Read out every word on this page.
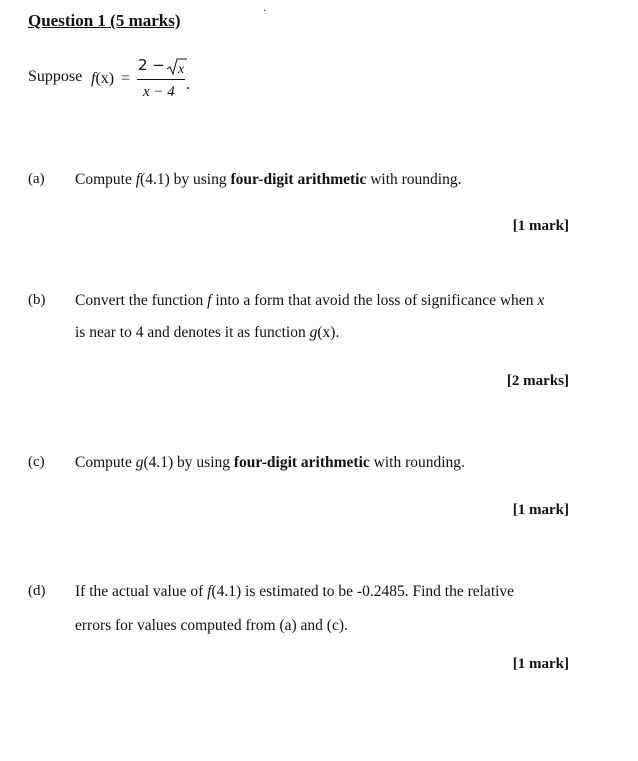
Question 1 (5 marks)	·
Suppose f(x) =
2 − x
x − 4 .
(a) Compute f(4.1) by using four-digit arithmetic with rounding.
[1 mark]
(b) Convert the function f into a form that avoid the loss of significance when x
is near to 4 and denotes it as function g(x).
[2 marks]
(c) Compute g(4.1) by using four-digit arithmetic with rounding.
[1 mark]
(d) If the actual value of f(4.1) is estimated to be -0.2485. Find the relative
errors for values computed from (a) and (c).
[1 mark]
